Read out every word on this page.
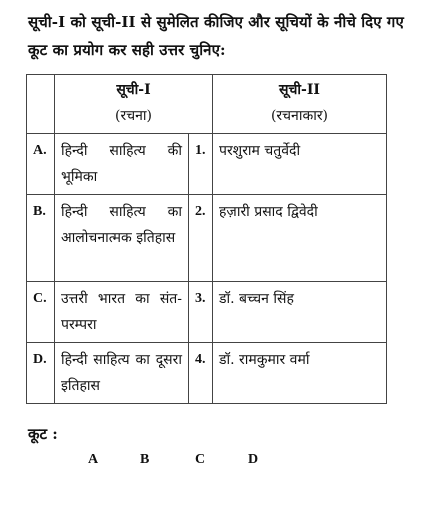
सूची-I को सूची-II से सुमेलित कीजिए और सूचियों के नीचे दिए गए कूट का प्रयोग कर सही उत्तर चुनिए:

	सूची-I
(रचना)		सूची-II
(रचनाकार)

A.	हिन्दी साहित्य की भूमिका	1.	परशुराम चतुर्वेदी
B.	हिन्दी साहित्य का आलोचनात्मक इतिहास	2.	हज़ारी प्रसाद द्विवेदी
C.	उत्तरी भारत का संत-परम्परा	3.	डॉ. बच्चन सिंह
D.	हिन्दी साहित्य का दूसरा इतिहास	4.	डॉ. रामकुमार वर्मा
कूट :
A	B	C	D
